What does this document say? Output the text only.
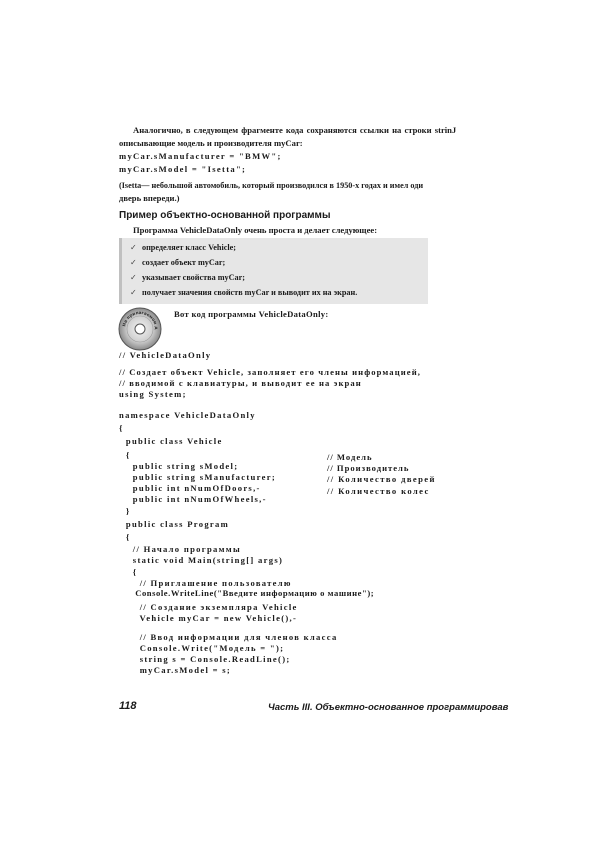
Аналогично, в следующем фрагменте кода сохраняются ссылки на строки strinJ
описывающие модель и производителя myCar:
myCar.sManufacturer = "BMW";
myCar.sModel = "Isetta";
(Isetta— небольшой автомобиль, который производился в 1950-х годах и имел оди
дверь впереди.)
Пример объектно-основанной программы
Программа VehicleDataOnly очень проста и делает следующее:
✓ определяет класс Vehicle;
✓ создает объект myCar;
✓ указывает свойства myCar;
✓ получает значения свойств myCar и выводит их на экран.
На прилагаемом д
Вот код программы VehicleDataOnly:
// VehicleDataOnly
// Создает объект Vehicle, заполняет его члены информацией,
// вводимой с клавиатуры, и выводит ее на экран
using System;
namespace VehicleDataOnly
{
public class Vehicle
{
public string sModel;
public string sManufacturer;
public int nNumOfDoors,-
public int nNumOfWheels,-
}
public class Program
{
// Начало программы
static void Main(string[] args)
{
// Приглашение пользователю
Console.WriteLine("Введите информацию о машине");
// Создание экземпляра Vehicle
Vehicle myCar = new Vehicle(),-
// Ввод информации для членов класса
Console.Write("Модель = ");
string s = Console.ReadLine();
myCar.sModel = s;
// Модель
// Производитель
// Количество дверей
// Количество колес
118	Часть III. Объектно-основанное программировав
